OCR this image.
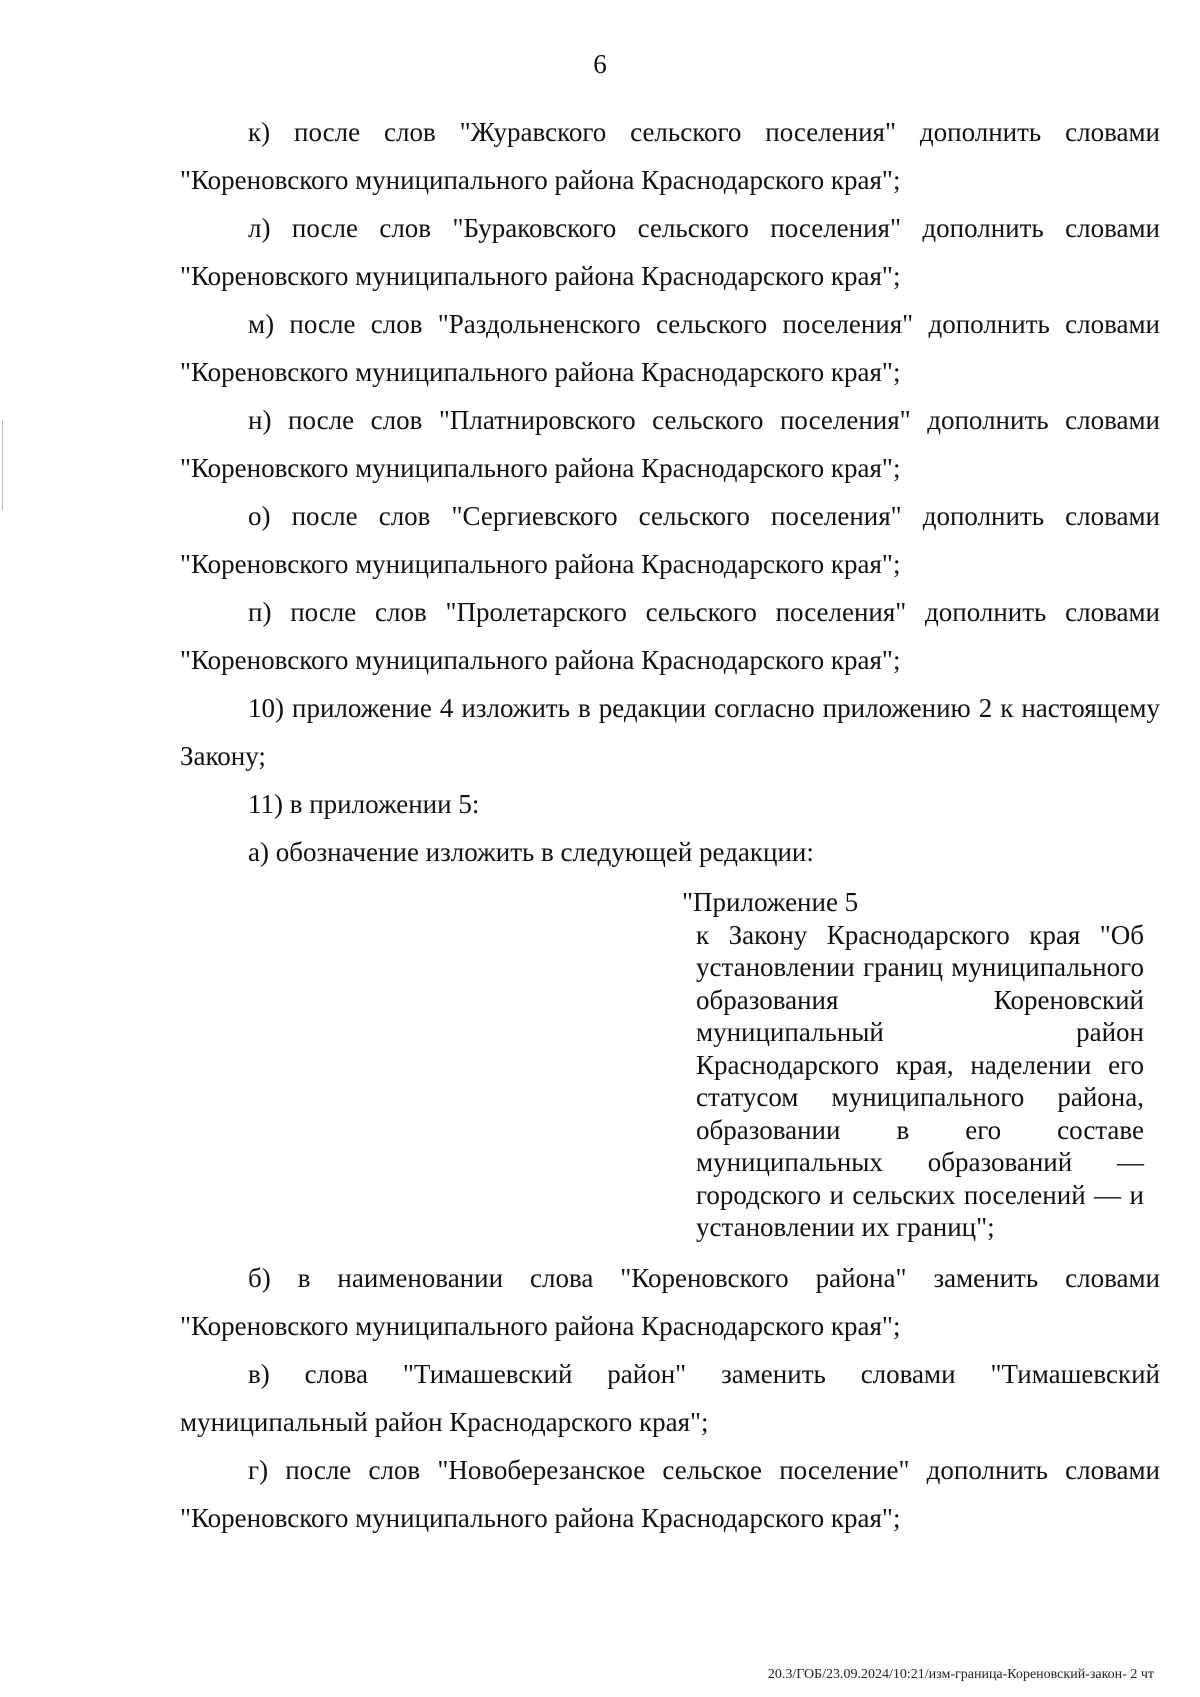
6

к) после слов "Журавского сельского поселения" дополнить словами "Кореновского муниципального района Краснодарского края";

л) после слов "Бураковского сельского поселения" дополнить словами "Кореновского муниципального района Краснодарского края";

м) после слов "Раздольненского сельского поселения" дополнить словами "Кореновского муниципального района Краснодарского края";

н) после слов "Платнировского сельского поселения" дополнить словами "Кореновского муниципального района Краснодарского края";

о) после слов "Сергиевского сельского поселения" дополнить словами "Кореновского муниципального района Краснодарского края";

п) после слов "Пролетарского сельского поселения" дополнить словами "Кореновского муниципального района Краснодарского края";

10) приложение 4 изложить в редакции согласно приложению 2 к настоящему Закону;

11) в приложении 5:

а) обозначение изложить в следующей редакции:

"Приложение 5
к Закону Краснодарского края "Об установлении границ муниципального образования Кореновский муниципальный район Краснодарского края, наделении его статусом муниципального района, образовании в его составе муниципальных образований — городского и сельских поселений — и установлении их границ";

б) в наименовании слова "Кореновского района" заменить словами "Кореновского муниципального района Краснодарского края";

в) слова "Тимашевский район" заменить словами "Тимашевский муниципальный район Краснодарского края";

г) после слов "Новоберезанское сельское поселение" дополнить словами "Кореновского муниципального района Краснодарского края";

20.3/ГОБ/23.09.2024/10:21/изм-граница-Кореновский-закон- 2 чт
